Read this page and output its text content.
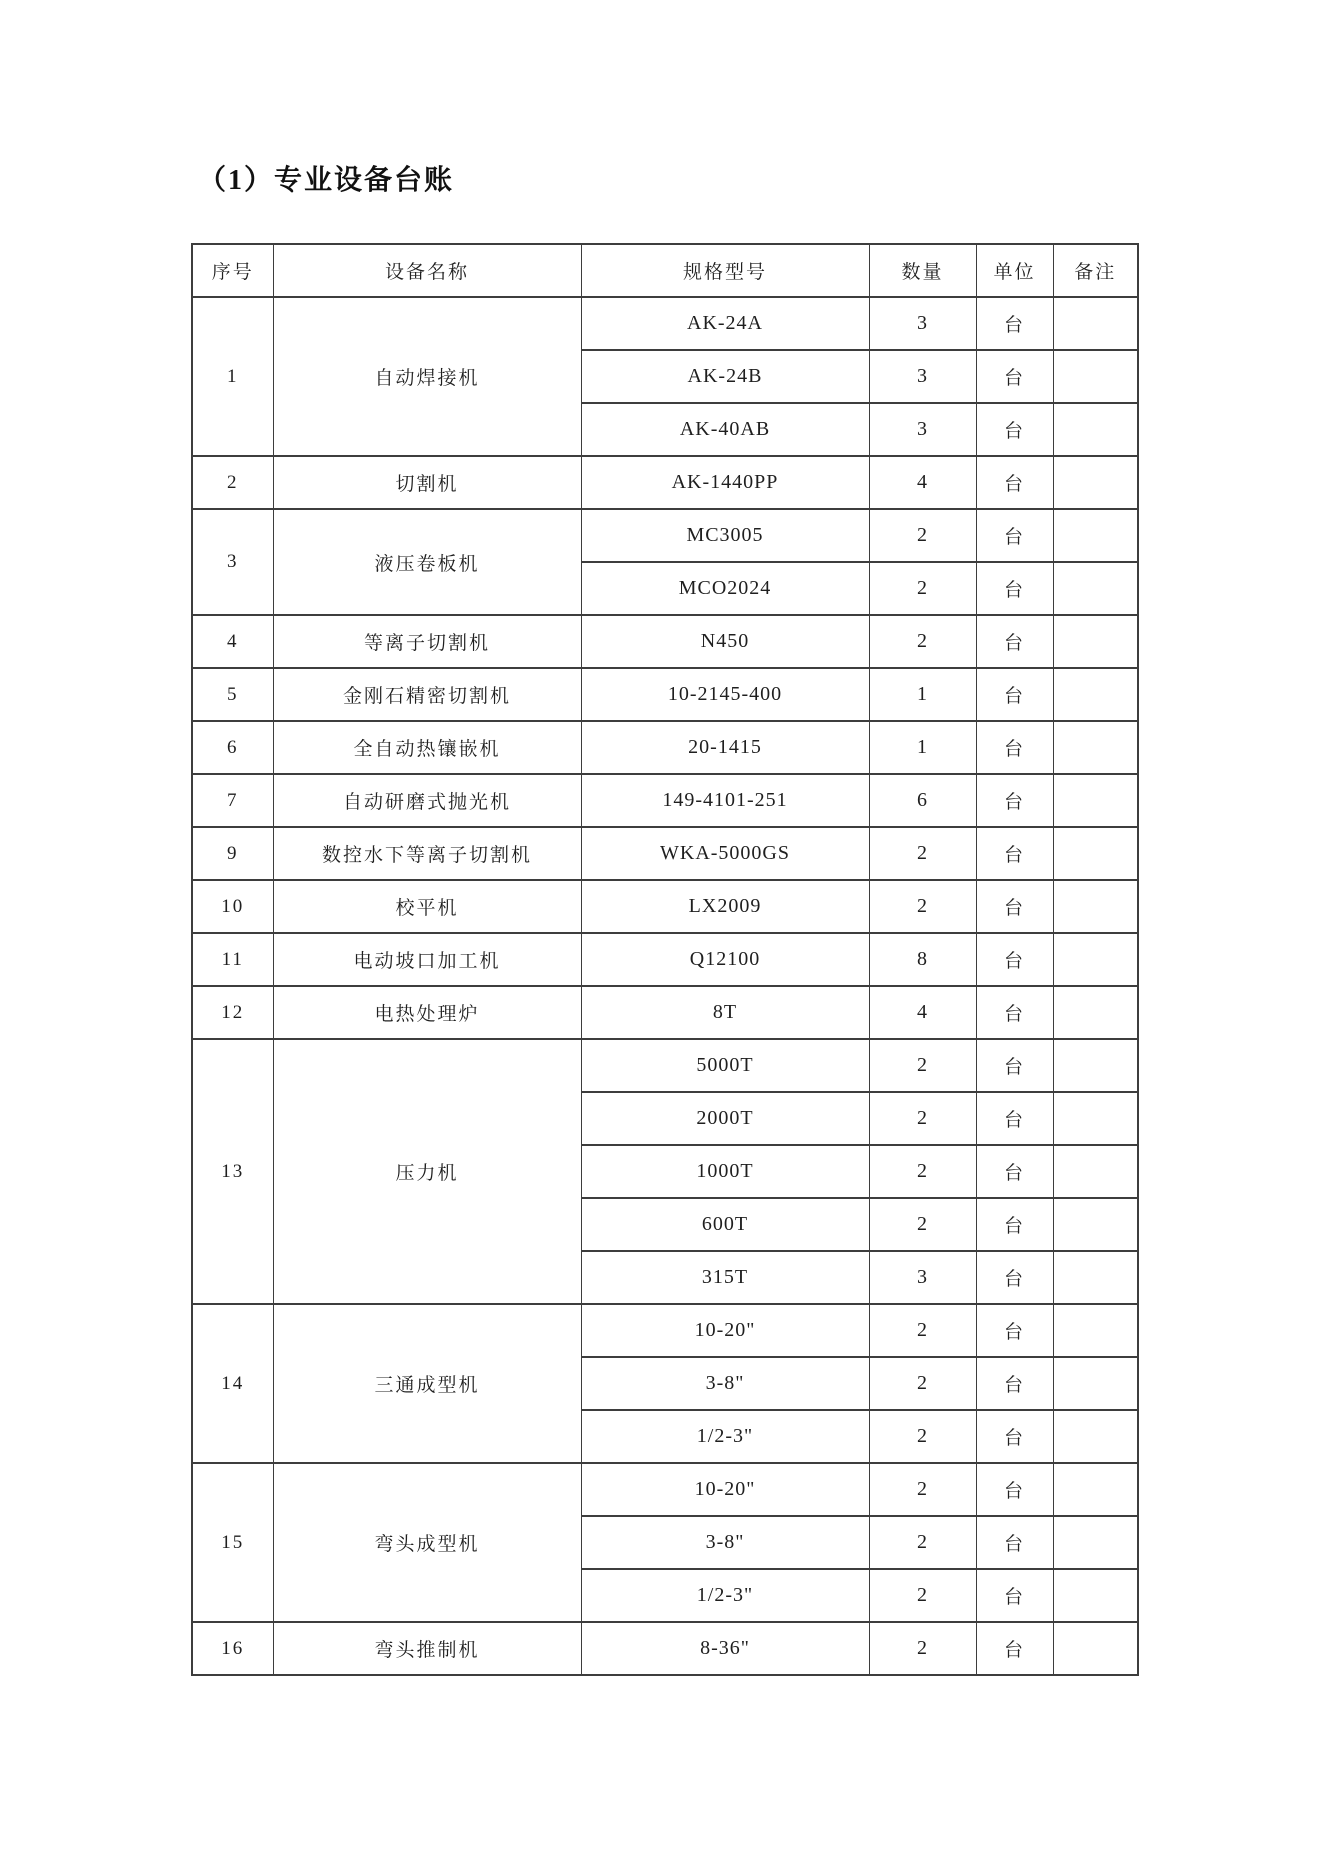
（1）专业设备台账
序号	设备名称	规格型号	数量	单位	备注
1	自动焊接机	AK-24A	3	台	
		AK-24B	3	台	
		AK-40AB	3	台	
2	切割机	AK-1440PP	4	台	
3	液压卷板机	MC3005	2	台	
		MCO2024	2	台	
4	等离子切割机	N450	2	台	
5	金刚石精密切割机	10-2145-400	1	台	
6	全自动热镶嵌机	20-1415	1	台	
7	自动研磨式抛光机	149-4101-251	6	台	
9	数控水下等离子切割机	WKA-5000GS	2	台	
10	校平机	LX2009	2	台	
11	电动坡口加工机	Q12100	8	台	
12	电热处理炉	8T	4	台	
13	压力机	5000T	2	台	
		2000T	2	台	
		1000T	2	台	
		600T	2	台	
		315T	3	台	
14	三通成型机	10-20"	2	台	
		3-8"	2	台	
		1/2-3"	2	台	
15	弯头成型机	10-20"	2	台	
		3-8"	2	台	
		1/2-3"	2	台	
16	弯头推制机	8-36"	2	台	
